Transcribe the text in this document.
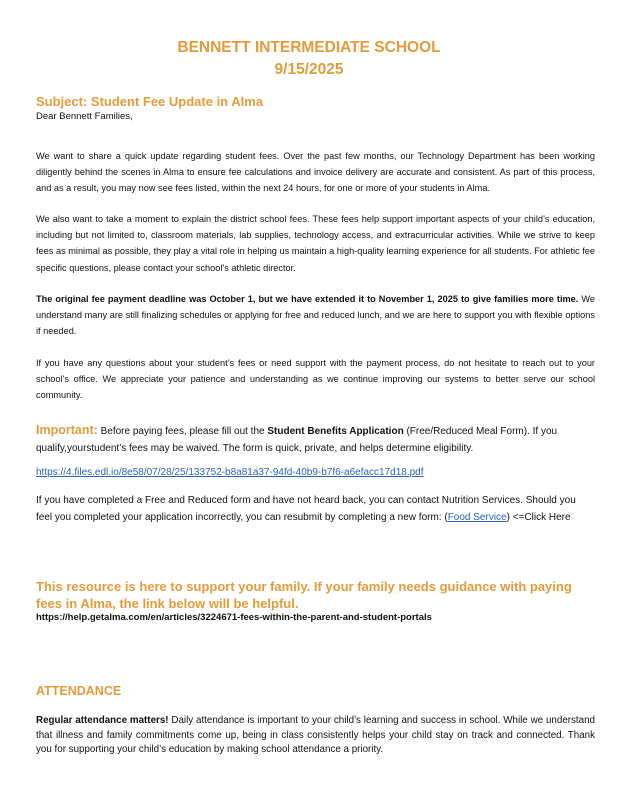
BENNETT INTERMEDIATE SCHOOL
9/15/2025
Subject: Student Fee Update in Alma
Dear Bennett Families,

We want to share a quick update regarding student fees. Over the past few months, our Technology Department has been working diligently behind the scenes in Alma to ensure fee calculations and invoice delivery are accurate and consistent. As part of this process, and as a result, you may now see fees listed, within the next 24 hours, for one or more of your students in Alma.

We also want to take a moment to explain the district school fees. These fees help support important aspects of your child’s education, including but not limited to, classroom materials, lab supplies, technology access, and extracurricular activities. While we strive to keep fees as minimal as possible, they play a vital role in helping us maintain a high-quality learning experience for all students. For athletic fee specific questions, please contact your school’s athletic director.

The original fee payment deadline was October 1, but we have extended it to November 1, 2025 to give families more time. We understand many are still finalizing schedules or applying for free and reduced lunch, and we are here to support you with flexible options if needed.

If you have any questions about your student’s fees or need support with the payment process, do not hesitate to reach out to your school’s office. We appreciate your patience and understanding as we continue improving our systems to better serve our school community.

Important: Before paying fees, please fill out the Student Benefits Application (Free/Reduced Meal Form). If you qualify,yourstudent’s fees may be waived. The form is quick, private, and helps determine eligibility.

https://4.files.edl.io/8e58/07/28/25/133752-b8a81a37-94fd-40b9-b7f6-a6efacc17d18.pdf

If you have completed a Free and Reduced form and have not heard back, you can contact Nutrition Services. Should you feel you completed your application incorrectly, you can resubmit by completing a new form: (Food Service) <=Click Here

This resource is here to support your family. If your family needs guidance with paying fees in Alma, the link below will be helpful.

https://help.getalma.com/en/articles/3224671-fees-within-the-parent-and-student-portals
ATTENDANCE

Regular attendance matters! Daily attendance is important to your child’s learning and success in school. While we understand that illness and family commitments come up, being in class consistently helps your child stay on track and connected. Thank you for supporting your child’s education by making school attendance a priority.
